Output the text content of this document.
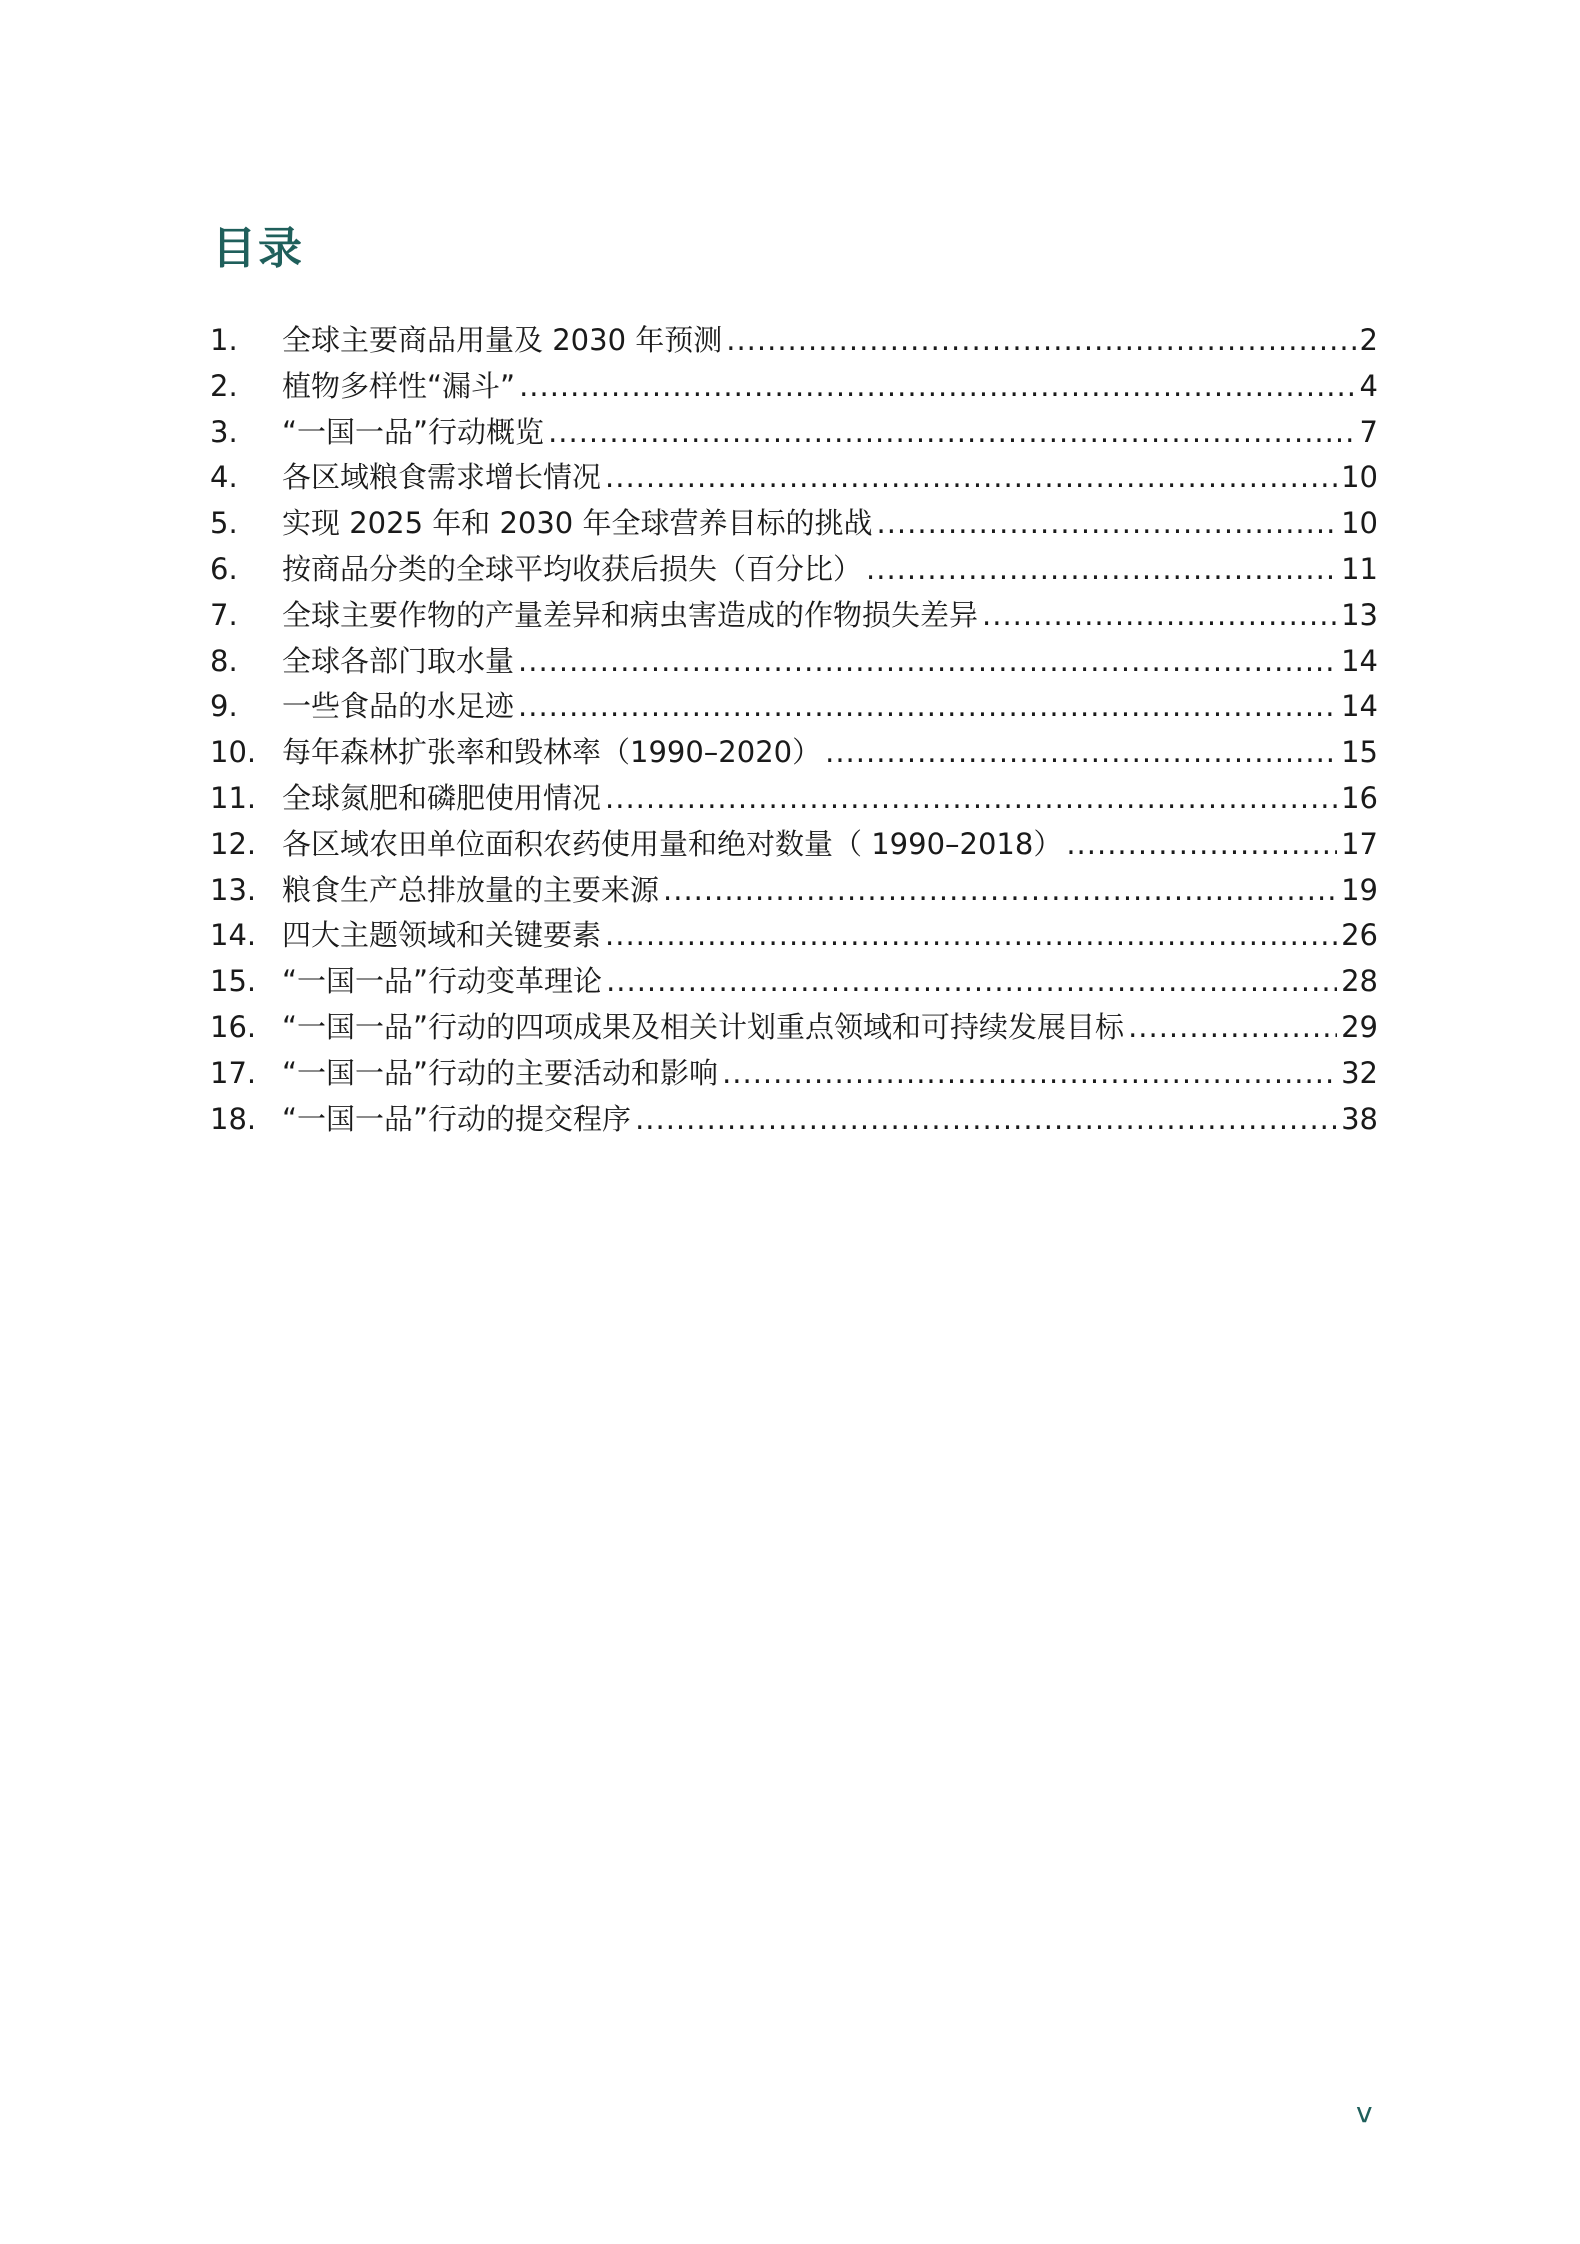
目录
1.	全球主要商品用量及 2030 年预测 .....	2
2.	植物多样性“漏斗” .....	4
3.	“一国一品”行动概览 .....	7
4.	各区域粮食需求增长情况 .....	10
5.	实现 2025 年和 2030 年全球营养目标的挑战 .....	10
6.	按商品分类的全球平均收获后损失（百分比） .....	11
7.	全球主要作物的产量差异和病虫害造成的作物损失差异 .....	13
8.	全球各部门取水量 .....	14
9.	一些食品的水足迹 .....	14
10. 每年森林扩张率和毁林率（1990–2020） .....	15
11. 全球氮肥和磷肥使用情况 .....	16
12. 各区域农田单位面积农药使用量和绝对数量（ 1990–2018） .....	17
13. 粮食生产总排放量的主要来源 .....	19
14. 四大主题领域和关键要素 .....	26
15. “一国一品”行动变革理论 .....	28
16. “一国一品”行动的四项成果及相关计划重点领域和可持续发展目标 .....	29
17. “一国一品”行动的主要活动和影响 .....	32
18. “一国一品”行动的提交程序 .....	38
v
